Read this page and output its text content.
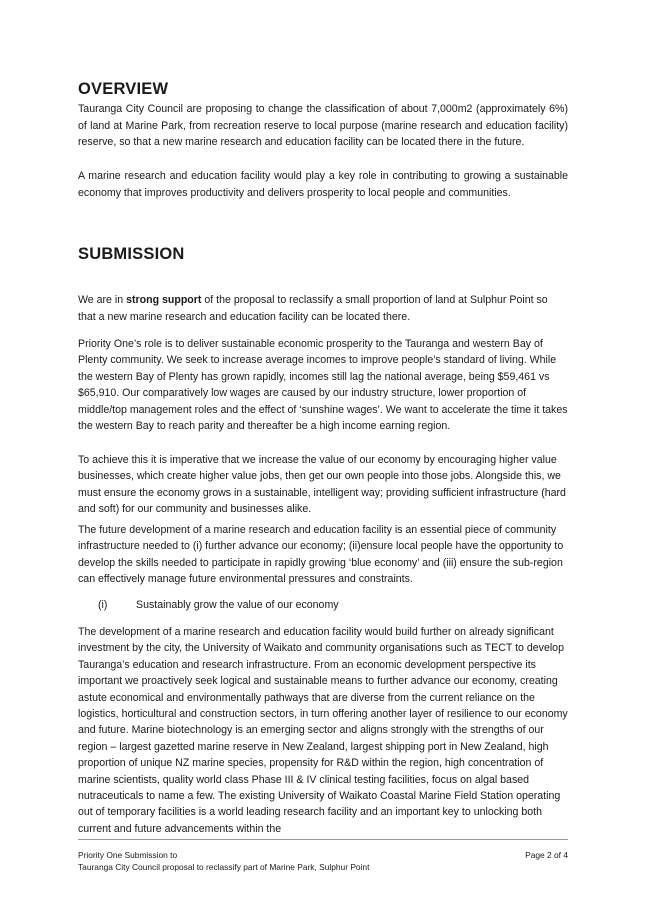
OVERVIEW

Tauranga City Council are proposing to change the classification of about 7,000m2 (approximately 6%) of land at Marine Park, from recreation reserve to local purpose (marine research and education facility) reserve, so that a new marine research and education facility can be located there in the future.

A marine research and education facility would play a key role in contributing to growing a sustainable economy that improves productivity and delivers prosperity to local people and communities.

SUBMISSION

We are in strong support of the proposal to reclassify a small proportion of land at Sulphur Point so that a new marine research and education facility can be located there.

Priority One’s role is to deliver sustainable economic prosperity to the Tauranga and western Bay of Plenty community. We seek to increase average incomes to improve people’s standard of living. While the western Bay of Plenty has grown rapidly, incomes still lag the national average, being $59,461 vs $65,910. Our comparatively low wages are caused by our industry structure, lower proportion of middle/top management roles and the effect of ‘sunshine wages’. We want to accelerate the time it takes the western Bay to reach parity and thereafter be a high income earning region.

To achieve this it is imperative that we increase the value of our economy by encouraging higher value businesses, which create higher value jobs, then get our own people into those jobs. Alongside this, we must ensure the economy grows in a sustainable, intelligent way; providing sufficient infrastructure (hard and soft) for our community and businesses alike.

The future development of a marine research and education facility is an essential piece of community infrastructure needed to (i) further advance our economy; (ii)ensure local people have the opportunity to develop the skills needed to participate in rapidly growing ‘blue economy’ and (iii) ensure the sub-region can effectively manage future environmental pressures and constraints.

(i)	Sustainably grow the value of our economy

The development of a marine research and education facility would build further on already significant investment by the city, the University of Waikato and community organisations such as TECT to develop Tauranga’s education and research infrastructure. From an economic development perspective its important we proactively seek logical and sustainable means to further advance our economy, creating astute economical and environmentally pathways that are diverse from the current reliance on the logistics, horticultural and construction sectors, in turn offering another layer of resilience to our economy and future. Marine biotechnology is an emerging sector and aligns strongly with the strengths of our region – largest gazetted marine reserve in New Zealand, largest shipping port in New Zealand, high proportion of unique NZ marine species, propensity for R&D within the region, high concentration of marine scientists, quality world class Phase III & IV clinical testing facilities, focus on algal based nutraceuticals to name a few. The existing University of Waikato Coastal Marine Field Station operating out of temporary facilities is a world leading research facility and an important key to unlocking both current and future advancements within the

Priority One Submission to
Tauranga City Council proposal to reclassify part of Marine Park, Sulphur Point
Page 2 of 4
